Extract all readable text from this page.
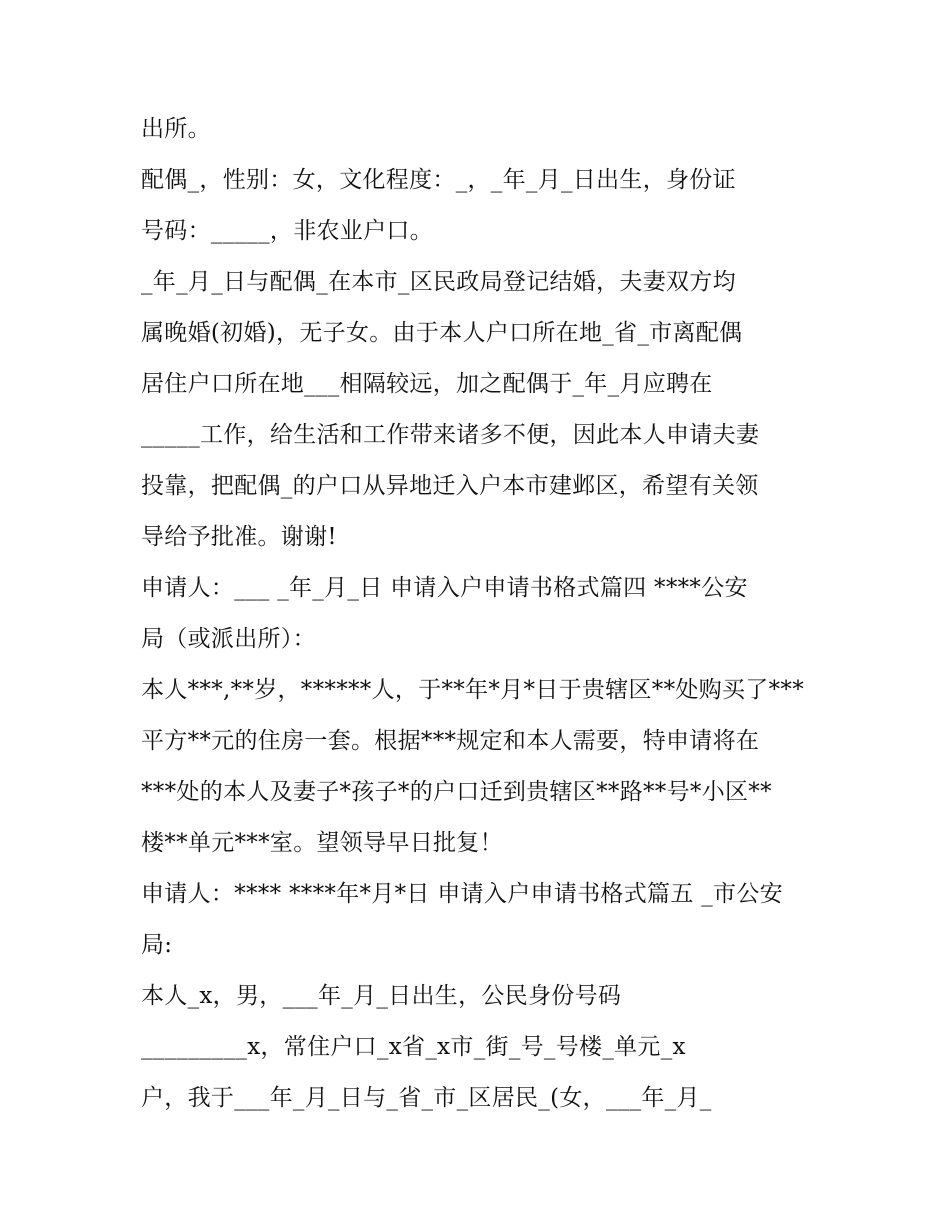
出所。
配偶_，性别：女，文化程度：_，_年_月_日出生，身份证
号码：_____，非农业户口。
_年_月_日与配偶_在本市_区民政局登记结婚，夫妻双方均
属晚婚(初婚)，无子女。由于本人户口所在地_省_市离配偶
居住户口所在地___相隔较远，加之配偶于_年_月应聘在
_____工作，给生活和工作带来诸多不便，因此本人申请夫妻
投靠，把配偶_的户口从异地迁入户本市建邺区，希望有关领
导给予批准。谢谢!
申请人：___ _年_月_日 申请入户申请书格式篇四 ****公安
局（或派出所）：
本人***,**岁，******人，于**年*月*日于贵辖区**处购买了***
平方**元的住房一套。根据***规定和本人需要，特申请将在
***处的本人及妻子*孩子*的户口迁到贵辖区**路**号*小区**
楼**单元***室。望领导早日批复！
申请人：**** ****年*月*日 申请入户申请书格式篇五 _市公安
局:
本人_x，男，___年_月_日出生，公民身份号码
_________x，常住户口_x省_x市_街_号_号楼_单元_x
户，我于___年_月_日与_省_市_区居民_(女，___年_月_
